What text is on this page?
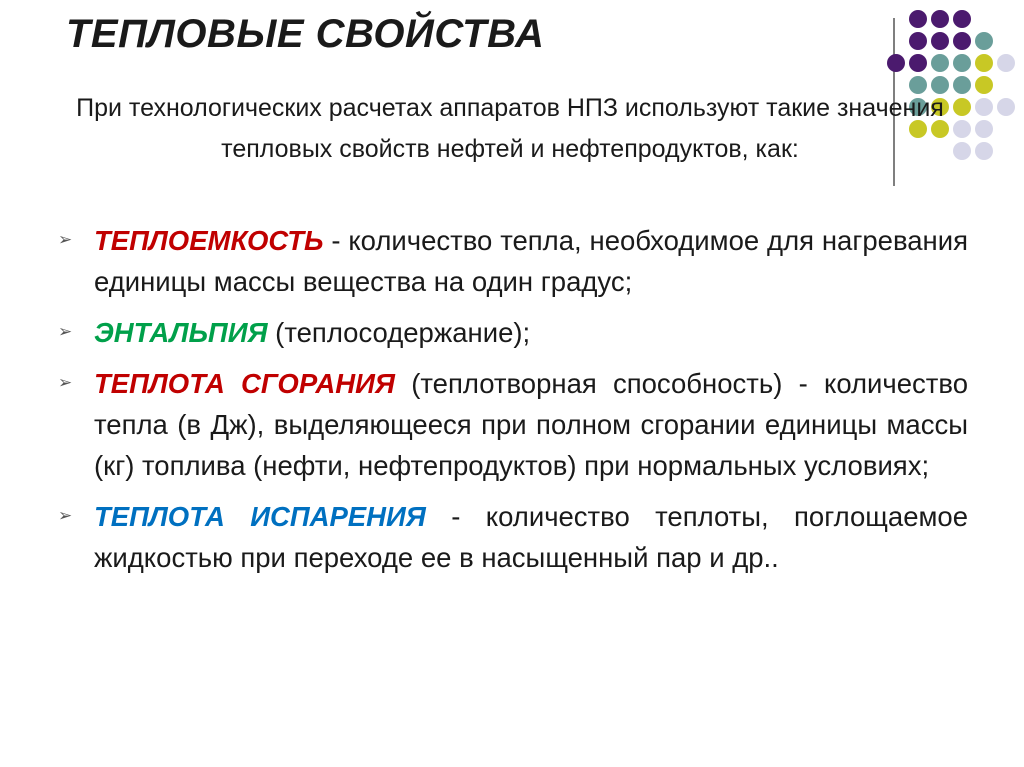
ТЕПЛОВЫЕ СВОЙСТВА
При технологических расчетах аппаратов НПЗ используют такие значения тепловых свойств нефтей и нефтепродуктов, как:
➢ ТЕПЛОЕМКОСТЬ - количество тепла, необходимое для нагревания единицы массы вещества на один градус;
➢ ЭНТАЛЬПИЯ (теплосодержание);
➢ ТЕПЛОТА СГОРАНИЯ (теплотворная способность) - количество тепла (в Дж), выделяющееся при полном сгорании единицы массы (кг) топлива (нефти, нефтепродуктов) при нормальных условиях;
➢ ТЕПЛОТА ИСПАРЕНИЯ - количество теплоты, поглощаемое жидкостью при переходе ее в насыщенный пар и др..
